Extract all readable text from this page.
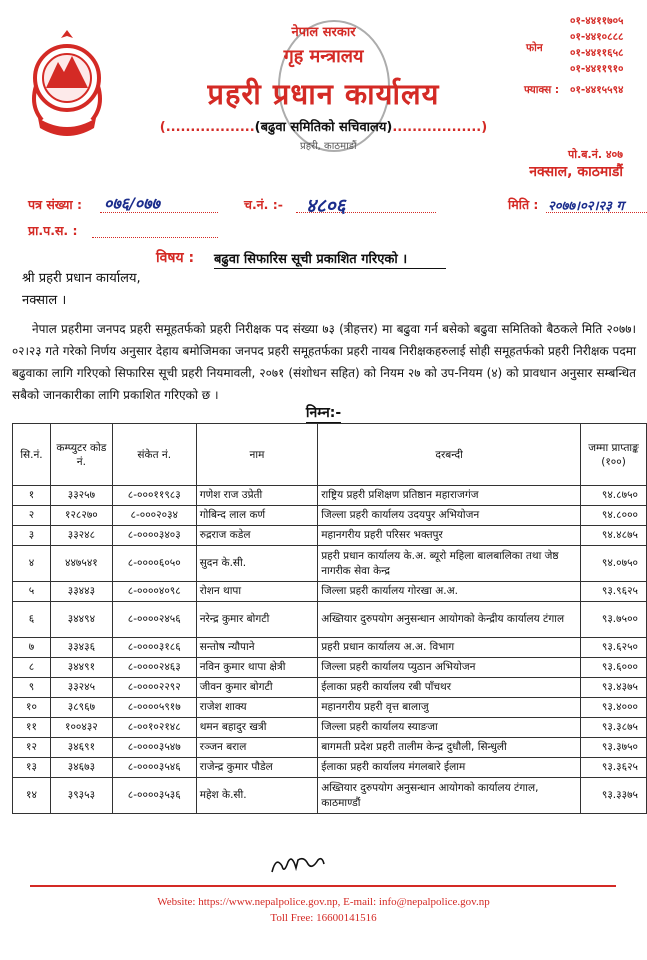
प्रहरी, काठमाडौं
नेपाल सरकार
गृह मन्त्रालय
प्रहरी प्रधान कार्यालय
(..................(बढुवा समितिको सचिवालय)..................)
०१-४४११७०५
०१-४४१०८८८
फोन	०१-४४११६५८
०१-४४११९१०
फ्याक्स : ०१-४४१५५९४
पो.ब.नं. ४०७
नक्साल, काठमाडौं
पत्र संख्या : ०७६/०७७	च.नं. :- ४८०६	मिति : २०७७।०२।२३ ग
प्रा.प.स. :
विषय : बढुवा सिफारिस सूची प्रकाशित गरिएको ।
श्री प्रहरी प्रधान कार्यालय,
नक्साल ।
नेपाल प्रहरीमा जनपद प्रहरी समूहतर्फको प्रहरी निरीक्षक पद संख्या ७३ (त्रीहत्तर) मा बढुवा गर्न बसेको बढुवा समितिको बैठकले मिति २०७७।०२।२३ गते गरेको निर्णय अनुसार देहाय बमोजिमका जनपद प्रहरी समूहतर्फका प्रहरी नायब निरीक्षकहरुलाई सोही समूहतर्फको प्रहरी निरीक्षक पदमा बढुवाका लागि गरिएको सिफारिस सूची प्रहरी नियमावली, २०७१ (संशोधन सहित) को नियम २७ को उप-नियम (४) को प्रावधान अनुसार सम्बन्धित सबैको जानकारीका लागि प्रकाशित गरिएको छ ।
निम्न:-
सि.नं.	कम्प्युटर कोड नं.	संकेत नं.	नाम	दरबन्दी	जम्मा प्राप्ताङ्क (१००)
१	३३२५७	८-०००११९८३	गणेश राज उप्रेती	राष्ट्रिय प्रहरी प्रशिक्षण प्रतिष्ठान महाराजगंज	९४.८७५०
२	१२८२७०	८-०००२०३४	गोबिन्द लाल कर्ण	जिल्ला प्रहरी कार्यालय उदयपुर अभियोजन	९४.८०००
३	३३२४८	८-००००३४०३	रुद्रराज कडेल	महानगरीय प्रहरी परिसर भक्तपुर	९४.४८७५
४	४४७५४१	८-००००६०५०	सुदन के.सी.	प्रहरी प्रधान कार्यालय के.अ. ब्यूरो महिला बालबालिका तथा जेष्ठ नागरीक सेवा केन्द्र	९४.०७५०
५	३३४४३	८-००००४०९८	रोशन थापा	जिल्ला प्रहरी कार्यालय गोरखा अ.अ.	९३.९६२५
६	३४४९४	८-००००२४५६	नरेन्द्र कुमार बोगटी	अख्तियार दुरुपयोग अनुसन्धान आयोगको केन्द्रीय कार्यालय टंगाल	९३.७५००
७	३३४३६	८-००००३१८६	सन्तोष न्यौपाने	प्रहरी प्रधान कार्यालय अ.अ. विभाग	९३.६२५०
८	३४४९१	८-००००२४६३	नविन कुमार थापा क्षेत्री	जिल्ला प्रहरी कार्यालय प्युठान अभियोजन	९३.६०००
९	३३२४५	८-००००२२९२	जीवन कुमार बोगटी	ईलाका प्रहरी कार्यालय रबी पाँचथर	९३.४३७५
१०	३८९६७	८-००००५९१७	राजेश शाक्य	महानगरीय प्रहरी वृत्त बालाजु	९३.४०००
११	१००४३२	८-००१०२१४८	थमन बहादुर खत्री	जिल्ला प्रहरी कार्यालय स्याङजा	९३.३८७५
१२	३४६९१	८-००००३५४७	रञ्जन बराल	बागमती प्रदेश प्रहरी तालीम केन्द्र दुधौली, सिन्धुली	९३.३७५०
१३	३४६७३	८-००००३५४६	राजेन्द्र कुमार पौडेल	ईलाका प्रहरी कार्यालय मंगलबारे ईलाम	९३.३६२५
१४	३९३५३	८-००००३५३६	महेश के.सी.	अख्तियार दुरुपयोग अनुसन्धान आयोगको कार्यालय टंगाल, काठमाण्डौं	९३.३३७५
Website: https://www.nepalpolice.gov.np, E-mail: info@nepalpolice.gov.np
Toll Free: 16600141516
